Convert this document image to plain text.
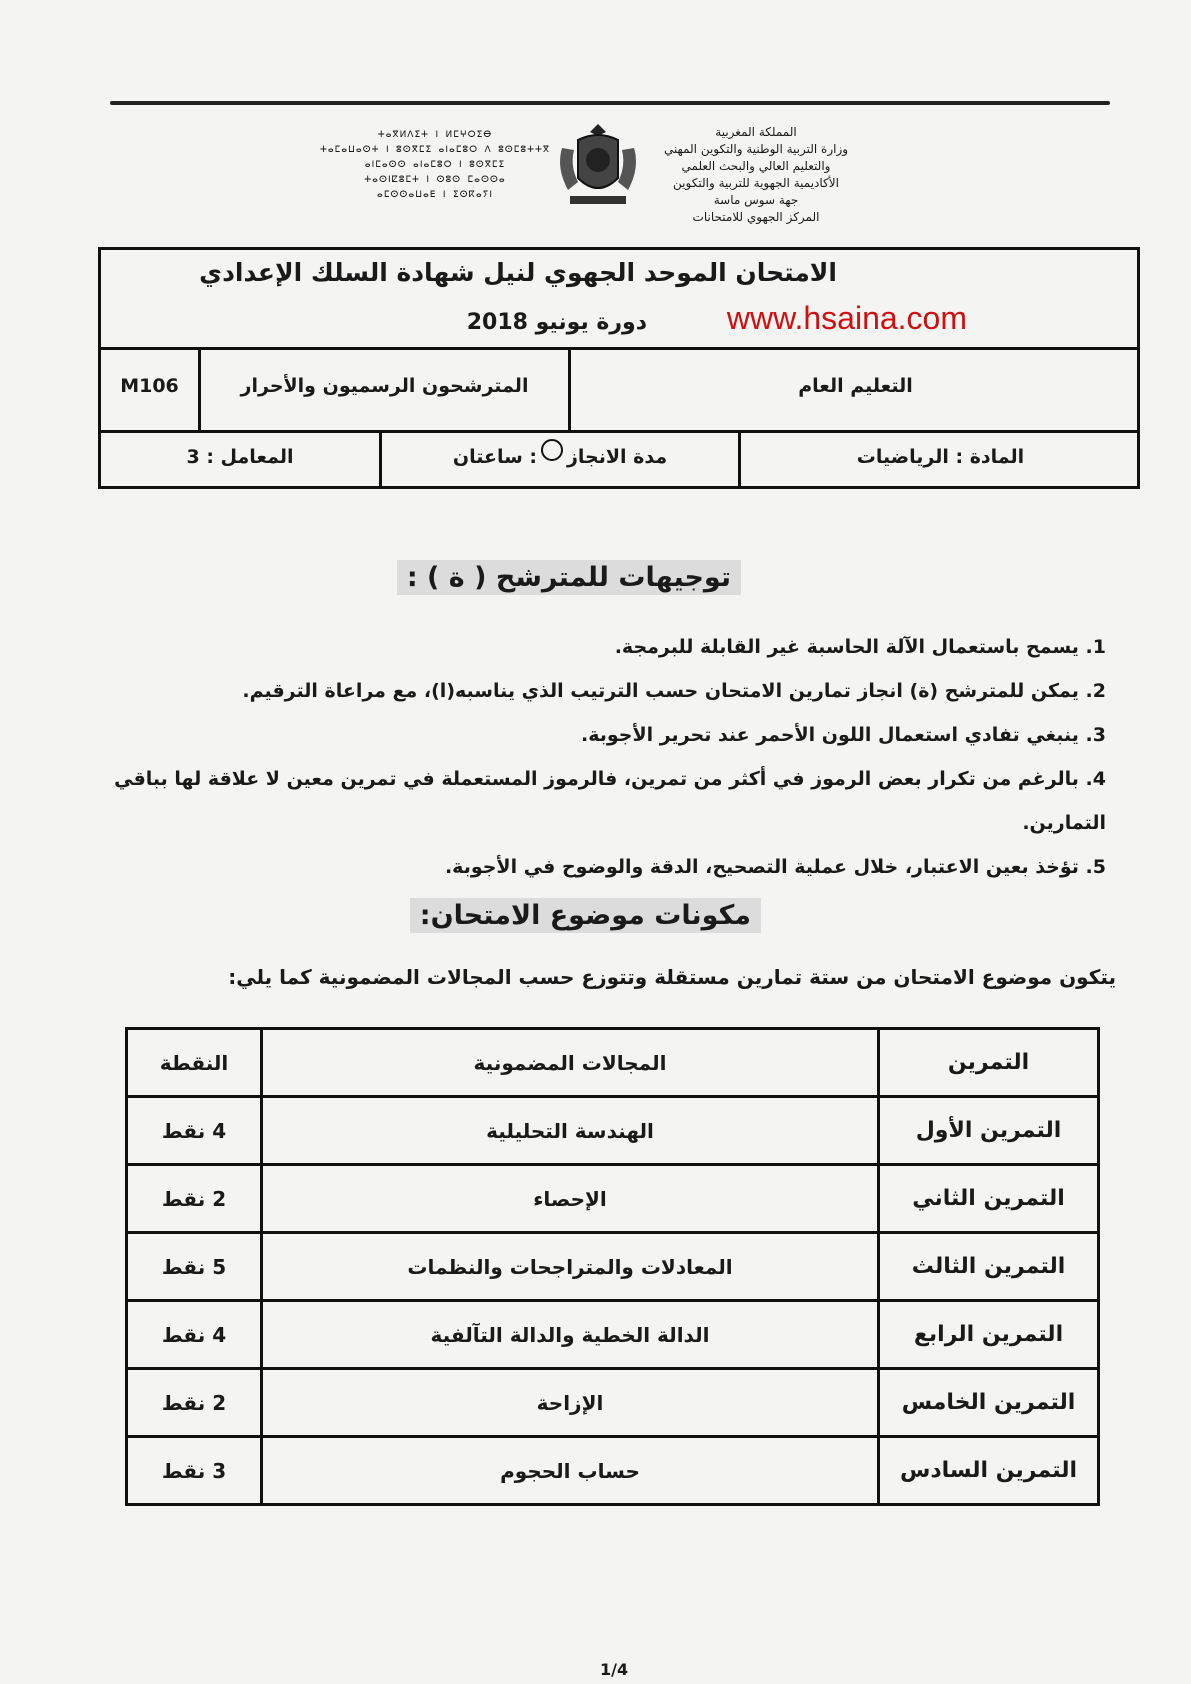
المملكة المغربية
وزارة التربية الوطنية والتكوين المهني
والتعليم العالي والبحث العلمي
الأكاديمية الجهوية للتربية والتكوين
جهة سوس ماسة
المركز الجهوي للامتحانات
ⵜⴰⴳⵍⴷⵉⵜ ⵏ ⵍⵎⵖⵔⵉⴱ
ⵜⴰⵎⴰⵡⴰⵙⵜ ⵏ ⵓⵙⴳⵎⵉ ⴰⵏⴰⵎⵓⵔ ⴷ ⵓⵙⵎⵓⵜⵜⴳ
ⴰⵏⵎⴰⵙⵙ ⴰⵏⴰⵎⵓⵔ ⵏ ⵓⵙⴳⵎⵉ
ⵜⴰⵙⵏⵇⵓⵎⵜ ⵏ ⵙⵓⵙ ⵎⴰⵙⵙⴰ
ⴰⵎⵙⵙⴰⵡⴰⴹ ⵏ ⵉⵙⴽⴰⵢⵏ
الامتحان الموحد الجهوي لنيل شهادة السلك الإعدادي
دورة يونيو 2018 www.hsaina.com
M106	المترشحون الرسميون والأحرار	التعليم العام
المعامل : 3	مدة الانجاز: ساعتان	المادة : الرياضيات
توجيهات للمترشح ( ة ) :
1. يسمح باستعمال الآلة الحاسبة غير القابلة للبرمجة.
2. يمكن للمترشح (ة) انجاز تمارين الامتحان حسب الترتيب الذي يناسبه(ا)، مع مراعاة الترقيم.
3. ينبغي تفادي استعمال اللون الأحمر عند تحرير الأجوبة.
4. بالرغم من تكرار بعض الرموز في أكثر من تمرين، فالرموز المستعملة في تمرين معين لا علاقة لها بباقي التمارين.
5. تؤخذ بعين الاعتبار، خلال عملية التصحيح، الدقة والوضوح في الأجوبة.
مكونات موضوع الامتحان:
يتكون موضوع الامتحان من ستة تمارين مستقلة وتتوزع حسب المجالات المضمونية كما يلي:
التمرين	المجالات المضمونية	النقطة
التمرين الأول	الهندسة التحليلية	4 نقط
التمرين الثاني	الإحصاء	2 نقط
التمرين الثالث	المعادلات والمتراجحات والنظمات	5 نقط
التمرين الرابع	الدالة الخطية والدالة التآلفية	4 نقط
التمرين الخامس	الإزاحة	2 نقط
التمرين السادس	حساب الحجوم	3 نقط
1/4
